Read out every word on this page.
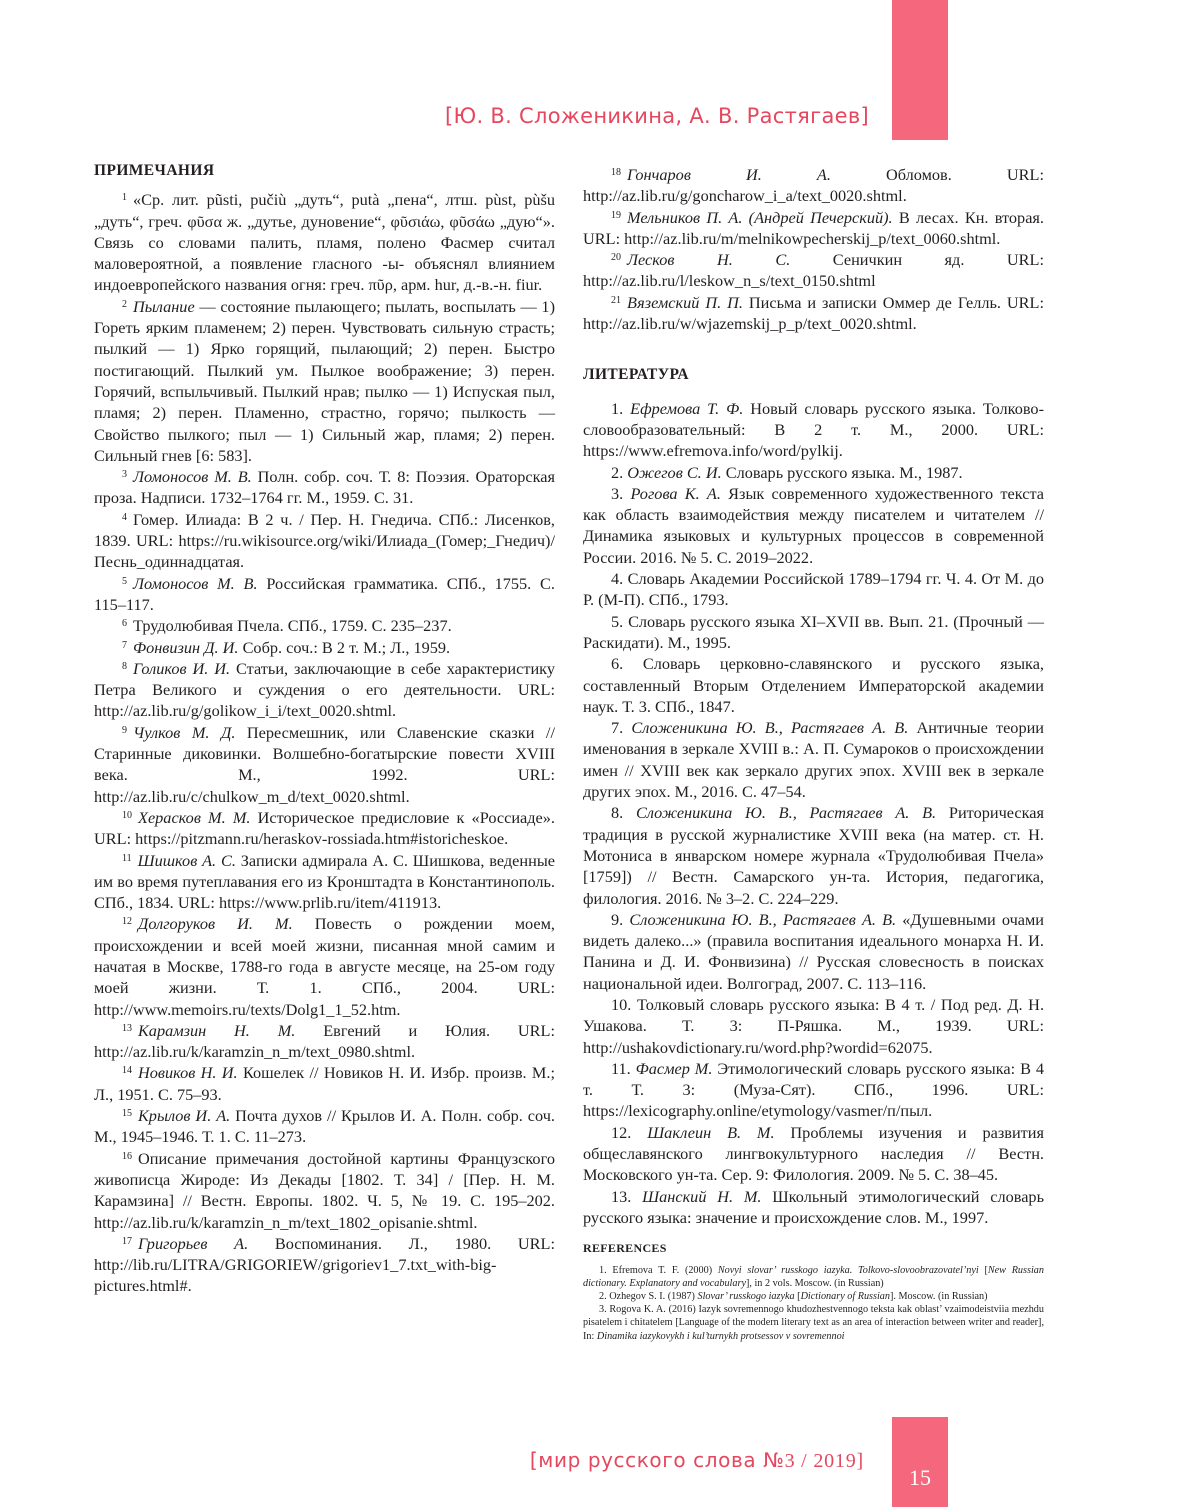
[Ю. В. Сложеникина, А. В. Растягаев]
ПРИМЕЧАНИЯ

$^1$ «Ср. лит. pũsti, pučiù „дуть“, putà „пена“, лтш. pùst, pùšu „дуть“, греч. φῦσα ж. „дутье, дуновение“, φῦσιάω, φῦσάω „дую“». Связь со словами палить, пламя, полено Фасмер считал маловероятной, а появление гласного -ы- объяснял влиянием индоевропейского названия огня: греч. πῦρ, арм. hur, д.-в.-н. fiur.

$^2$ Пылание — состояние пылающего; пылать, воспылать — 1) Гореть ярким пламенем; 2) перен. Чувствовать сильную страсть; пылкий — 1) Ярко горящий, пылающий; 2) перен. Быстро постигающий. Пылкий ум. Пылкое воображение; 3) перен. Горячий, вспыльчивый. Пылкий нрав; пылко — 1) Испуская пыл, пламя; 2) перен. Пламенно, страстно, горячо; пылкость — Свойство пылкого; пыл — 1) Сильный жар, пламя; 2) перен. Сильный гнев [6: 583].

$^3$ Ломоносов М. В. Полн. собр. соч. Т. 8: Поэзия. Ораторская проза. Надписи. 1732–1764 гг. М., 1959. С. 31.

$^4$ Гомер. Илиада: В 2 ч. / Пер. Н. Гнедича. СПб.: Лисенков, 1839. URL: https://ru.wikisource.org/wiki/Илиада_(Гомер;_Гнедич)/Песнь_одиннадцатая.

$^5$ Ломоносов М. В. Российская грамматика. СПб., 1755. С. 115–117.

$^6$ Трудолюбивая Пчела. СПб., 1759. С. 235–237.

$^7$ Фонвизин Д. И. Собр. соч.: В 2 т. М.; Л., 1959.

$^8$ Голиков И. И. Статьи, заключающие в себе характеристику Петра Великого и суждения о его деятельности. URL: http://az.lib.ru/g/golikow_i_i/text_0020.shtml.

$^9$ Чулков М. Д. Пересмешник, или Славенские сказки // Старинные диковинки. Волшебно-богатырские повести XVIII века. М., 1992. URL: http://az.lib.ru/c/chulkow_m_d/text_0020.shtml.

$^{10}$ Херасков М. М. Историческое предисловие к «Россиаде». URL: https://pitzmann.ru/heraskov-rossiada.htm#istoricheskoe.

$^{11}$ Шишков А. С. Записки адмирала А. С. Шишкова, веденные им во время путеплавания его из Кронштадта в Константинополь. СПб., 1834. URL: https://www.prlib.ru/item/411913.

$^{12}$ Долгоруков И. М. Повесть о рождении моем, происхождении и всей моей жизни, писанная мной самим и начатая в Москве, 1788-го года в августе месяце, на 25-ом году моей жизни. Т. 1. СПб., 2004. URL: http://www.memoirs.ru/texts/Dolg1_1_52.htm.

$^{13}$ Карамзин Н. М. Евгений и Юлия. URL: http://az.lib.ru/k/karamzin_n_m/text_0980.shtml.

$^{14}$ Новиков Н. И. Кошелек // Новиков Н. И. Избр. произв. М.; Л., 1951. С. 75–93.

$^{15}$ Крылов И. А. Почта духов // Крылов И. А. Полн. собр. соч. М., 1945–1946. Т. 1. С. 11–273.

$^{16}$ Описание примечания достойной картины Французского живописца Жироде: Из Декады [1802. Т. 34] / [Пер. Н. М. Карамзина] // Вестн. Европы. 1802. Ч. 5, № 19. С. 195–202. http://az.lib.ru/k/karamzin_n_m/text_1802_opisanie.shtml.

$^{17}$ Григорьев А. Воспоминания. Л., 1980. URL: http://lib.ru/LITRA/GRIGORIEW/grigoriev1_7.txt_with-big-pictures.html#.

$^{18}$ Гончаров И. А. Обломов. URL: http://az.lib.ru/g/goncharow_i_a/text_0020.shtml.

$^{19}$ Мельников П. А. (Андрей Печерский). В лесах. Кн. вторая. URL: http://az.lib.ru/m/melnikowpecherskij_p/text_0060.shtml.

$^{20}$ Лесков Н. С. Сеничкин яд. URL: http://az.lib.ru/l/leskow_n_s/text_0150.shtml

$^{21}$ Вяземский П. П. Письма и записки Оммер де Гелль. URL: http://az.lib.ru/w/wjazemskij_p_p/text_0020.shtml.

ЛИТЕРАТУРА

1. Ефремова Т. Ф. Новый словарь русского языка. Толково-словообразовательный: В 2 т. М., 2000. URL: https://www.efremova.info/word/pylkij.

2. Ожегов С. И. Словарь русского языка. М., 1987.

3. Рогова К. А. Язык современного художественного текста как область взаимодействия между писателем и читателем // Динамика языковых и культурных процессов в современной России. 2016. № 5. С. 2019–2022.

4. Словарь Академии Российской 1789–1794 гг. Ч. 4. От М. до Р. (М-П). СПб., 1793.

5. Словарь русского языка XI–XVII вв. Вып. 21. (Прочный — Раскидати). М., 1995.

6. Словарь церковно-славянского и русского языка, составленный Вторым Отделением Императорской академии наук. Т. 3. СПб., 1847.

7. Сложеникина Ю. В., Растягаев А. В. Античные теории именования в зеркале XVIII в.: А. П. Сумароков о происхождении имен // XVIII век как зеркало других эпох. XVIII век в зеркале других эпох. М., 2016. С. 47–54.

8. Сложеникина Ю. В., Растягаев А. В. Риторическая традиция в русской журналистике XVIII века (на матер. ст. Н. Мотониса в январском номере журнала «Трудолюбивая Пчела» [1759]) // Вестн. Самарского ун-та. История, педагогика, филология. 2016. № 3–2. С. 224–229.

9. Сложеникина Ю. В., Растягаев А. В. «Душевными очами видеть далеко...» (правила воспитания идеального монарха Н. И. Панина и Д. И. Фонвизина) // Русская словесность в поисках национальной идеи. Волгоград, 2007. С. 113–116.

10. Толковый словарь русского языка: В 4 т. / Под ред. Д. Н. Ушакова. Т. 3: П-Ряшка. М., 1939. URL: http://ushakovdictionary.ru/word.php?wordid=62075.

11. Фасмер М. Этимологический словарь русского языка: В 4 т. Т. 3: (Муза-Сят). СПб., 1996. URL: https://lexicography.online/etymology/vasmer/п/пыл.

12. Шаклеин В. М. Проблемы изучения и развития общеславянского лингвокультурного наследия // Вестн. Московского ун-та. Сер. 9: Филология. 2009. № 5. С. 38–45.

13. Шанский Н. М. Школьный этимологический словарь русского языка: значение и происхождение слов. М., 1997.

REFERENCES

1. Efremova T. F. (2000) Novyi slovar’ russkogo iazyka. Tolkovo-slovoobrazovatel’nyi [New Russian dictionary. Explanatory and vocabulary], in 2 vols. Moscow. (in Russian)

2. Ozhegov S. I. (1987) Slovar’ russkogo iazyka [Dictionary of Russian]. Moscow. (in Russian)

3. Rogova K. A. (2016) Iazyk sovremennogo khudozhestvennogo teksta kak oblast’ vzaimodeistviia mezhdu pisatelem i chitatelem [Language of the modern literary text as an area of interaction between writer and reader], In: Dinamika iazykovykh i kul’turnykh protsessov v sovremennoi

[мир русского слова №3 / 2019]
15
